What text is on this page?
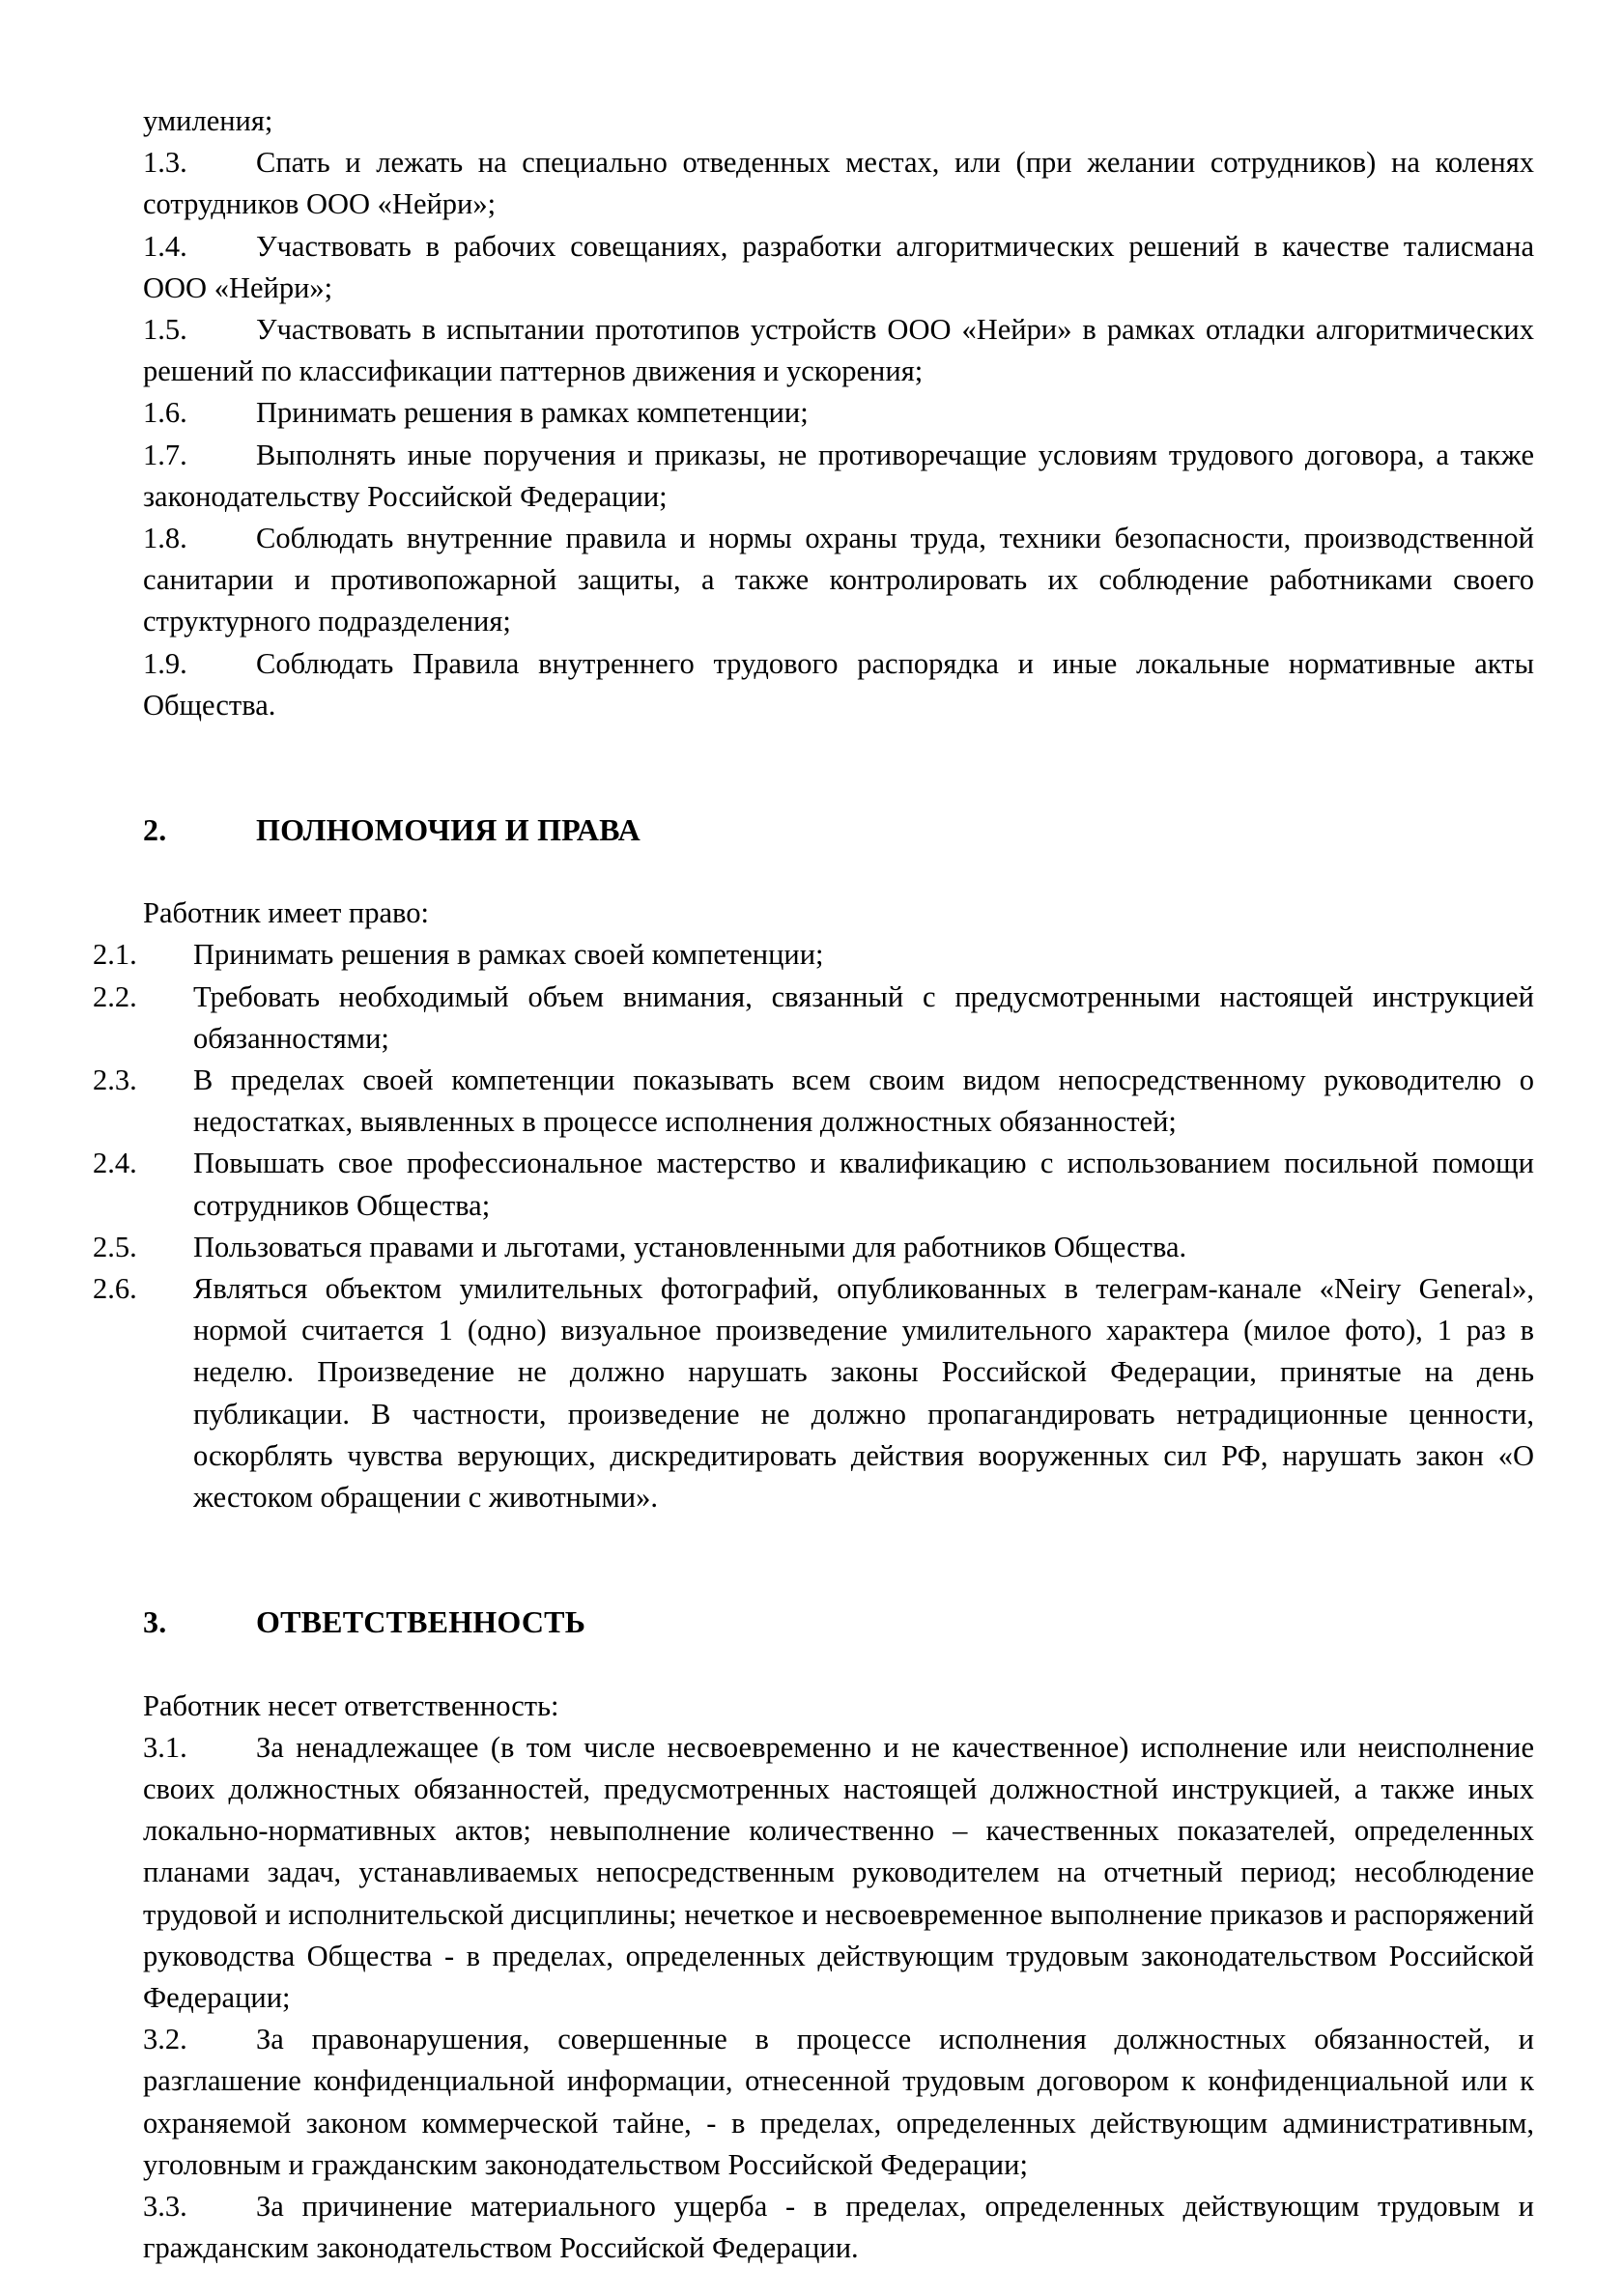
умиления;

1.3. Спать и лежать на специально отведенных местах, или (при желании сотрудников) на коленях сотрудников ООО «Нейри»;

1.4. Участвовать в рабочих совещаниях, разработки алгоритмических решений в качестве талисмана ООО «Нейри»;

1.5. Участвовать в испытании прототипов устройств ООО «Нейри» в рамках отладки алгоритмических решений по классификации паттернов движения и ускорения;

1.6. Принимать решения в рамках компетенции;

1.7. Выполнять иные поручения и приказы, не противоречащие условиям трудового договора, а также законодательству Российской Федерации;

1.8. Соблюдать внутренние правила и нормы охраны труда, техники безопасности, производственной санитарии и противопожарной защиты, а также контролировать их соблюдение работниками своего структурного подразделения;

1.9. Соблюдать Правила внутреннего трудового распорядка и иные локальные нормативные акты Общества.

2.	ПОЛНОМОЧИЯ И ПРАВА

Работник имеет право:

2.1. Принимать решения в рамках своей компетенции;

2.2. Требовать необходимый объем внимания, связанный с предусмотренными настоящей инструкцией обязанностями;

2.3. В пределах своей компетенции показывать всем своим видом непосредственному руководителю о недостатках, выявленных в процессе исполнения должностных обязанностей;

2.4. Повышать свое профессиональное мастерство и квалификацию с использованием посильной помощи сотрудников Общества;

2.5. Пользоваться правами и льготами, установленными для работников Общества.

2.6. Являться объектом умилительных фотографий, опубликованных в телеграм-канале «Neiry General», нормой считается 1 (одно) визуальное произведение умилительного характера (милое фото), 1 раз в неделю. Произведение не должно нарушать законы Российской Федерации, принятые на день публикации. В частности, произведение не должно пропагандировать нетрадиционные ценности, оскорблять чувства верующих, дискредитировать действия вооруженных сил РФ, нарушать закон «О жестоком обращении с животными».

3.	ОТВЕТСТВЕННОСТЬ

Работник несет ответственность:

3.1. За ненадлежащее (в том числе несвоевременно и не качественное) исполнение или неисполнение своих должностных обязанностей, предусмотренных настоящей должностной инструкцией, а также иных локально-нормативных актов; невыполнение количественно – качественных показателей, определенных планами задач, устанавливаемых непосредственным руководителем на отчетный период; несоблюдение трудовой и исполнительской дисциплины; нечеткое и несвоевременное выполнение приказов и распоряжений руководства Общества - в пределах, определенных действующим трудовым законодательством Российской Федерации;

3.2. За правонарушения, совершенные в процессе исполнения должностных обязанностей, и разглашение конфиденциальной информации, отнесенной трудовым договором к конфиденциальной или к охраняемой законом коммерческой тайне, - в пределах, определенных действующим административным, уголовным и гражданским законодательством Российской Федерации;

3.3. За причинение материального ущерба - в пределах, определенных действующим трудовым и гражданским законодательством Российской Федерации.
